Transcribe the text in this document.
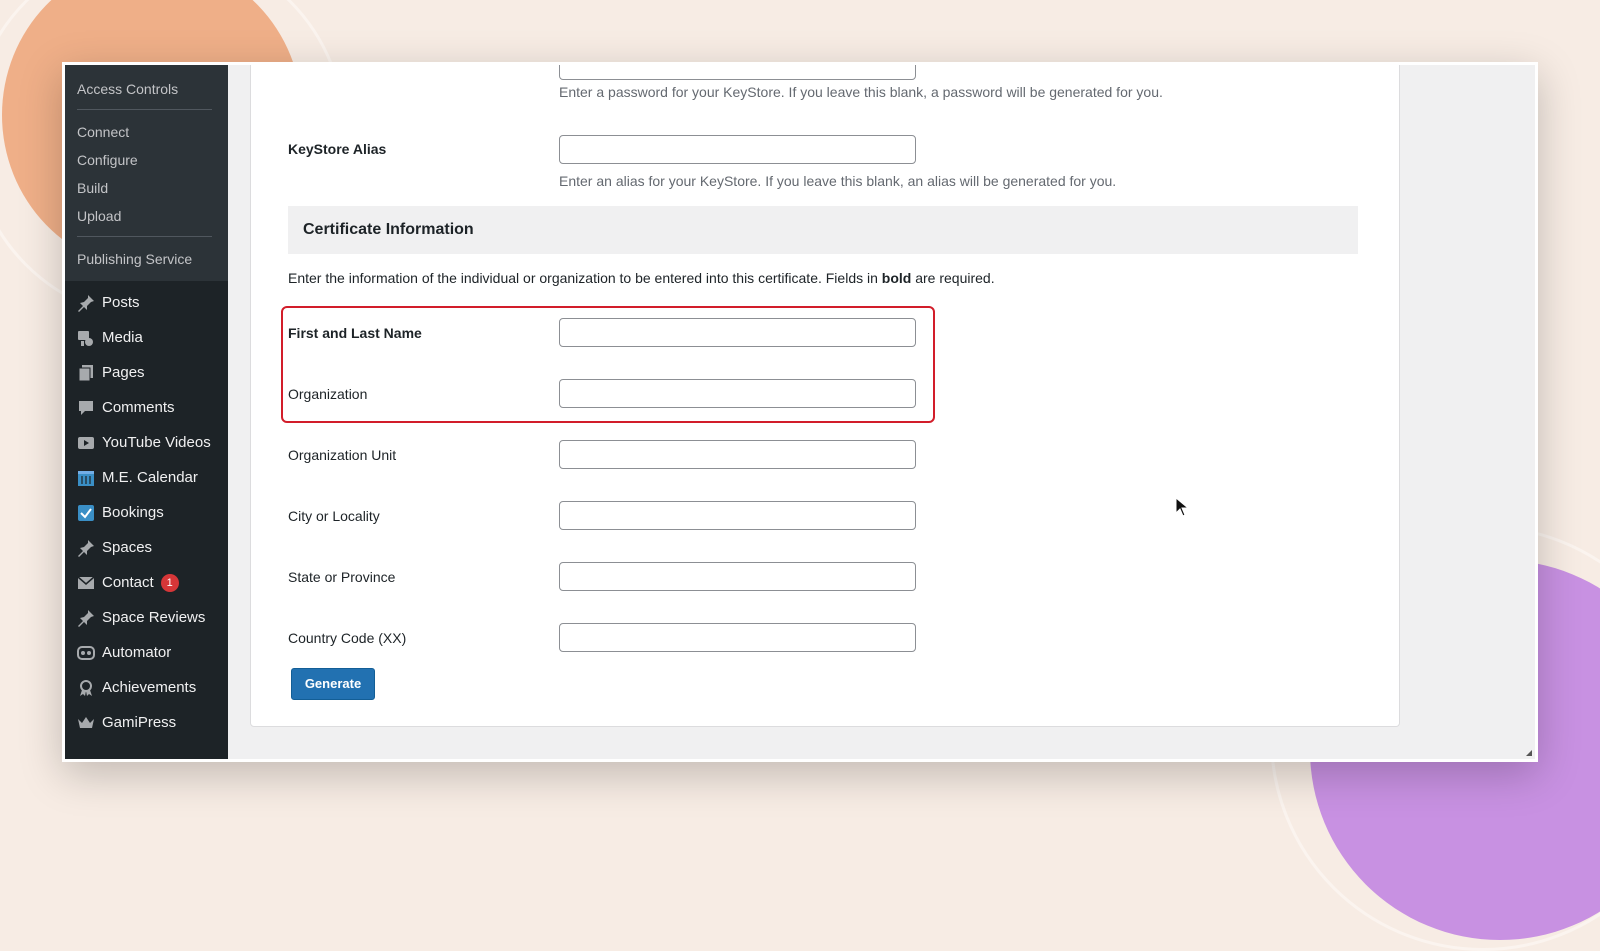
Access Controls
Connect
Configure
Build
Upload
Publishing Service
Posts
Media
Pages
Comments
YouTube Videos
M.E. Calendar
Bookings
Spaces
Contact	1
Space Reviews
Automator
Achievements
GamiPress
Enter a password for your KeyStore. If you leave this blank, a password will be generated for you.
KeyStore Alias
Enter an alias for your KeyStore. If you leave this blank, an alias will be generated for you.
Certificate Information
Enter the information of the individual or organization to be entered into this certificate. Fields in bold are required.
First and Last Name
Organization
Organization Unit
City or Locality
State or Province
Country Code (XX)
Generate
